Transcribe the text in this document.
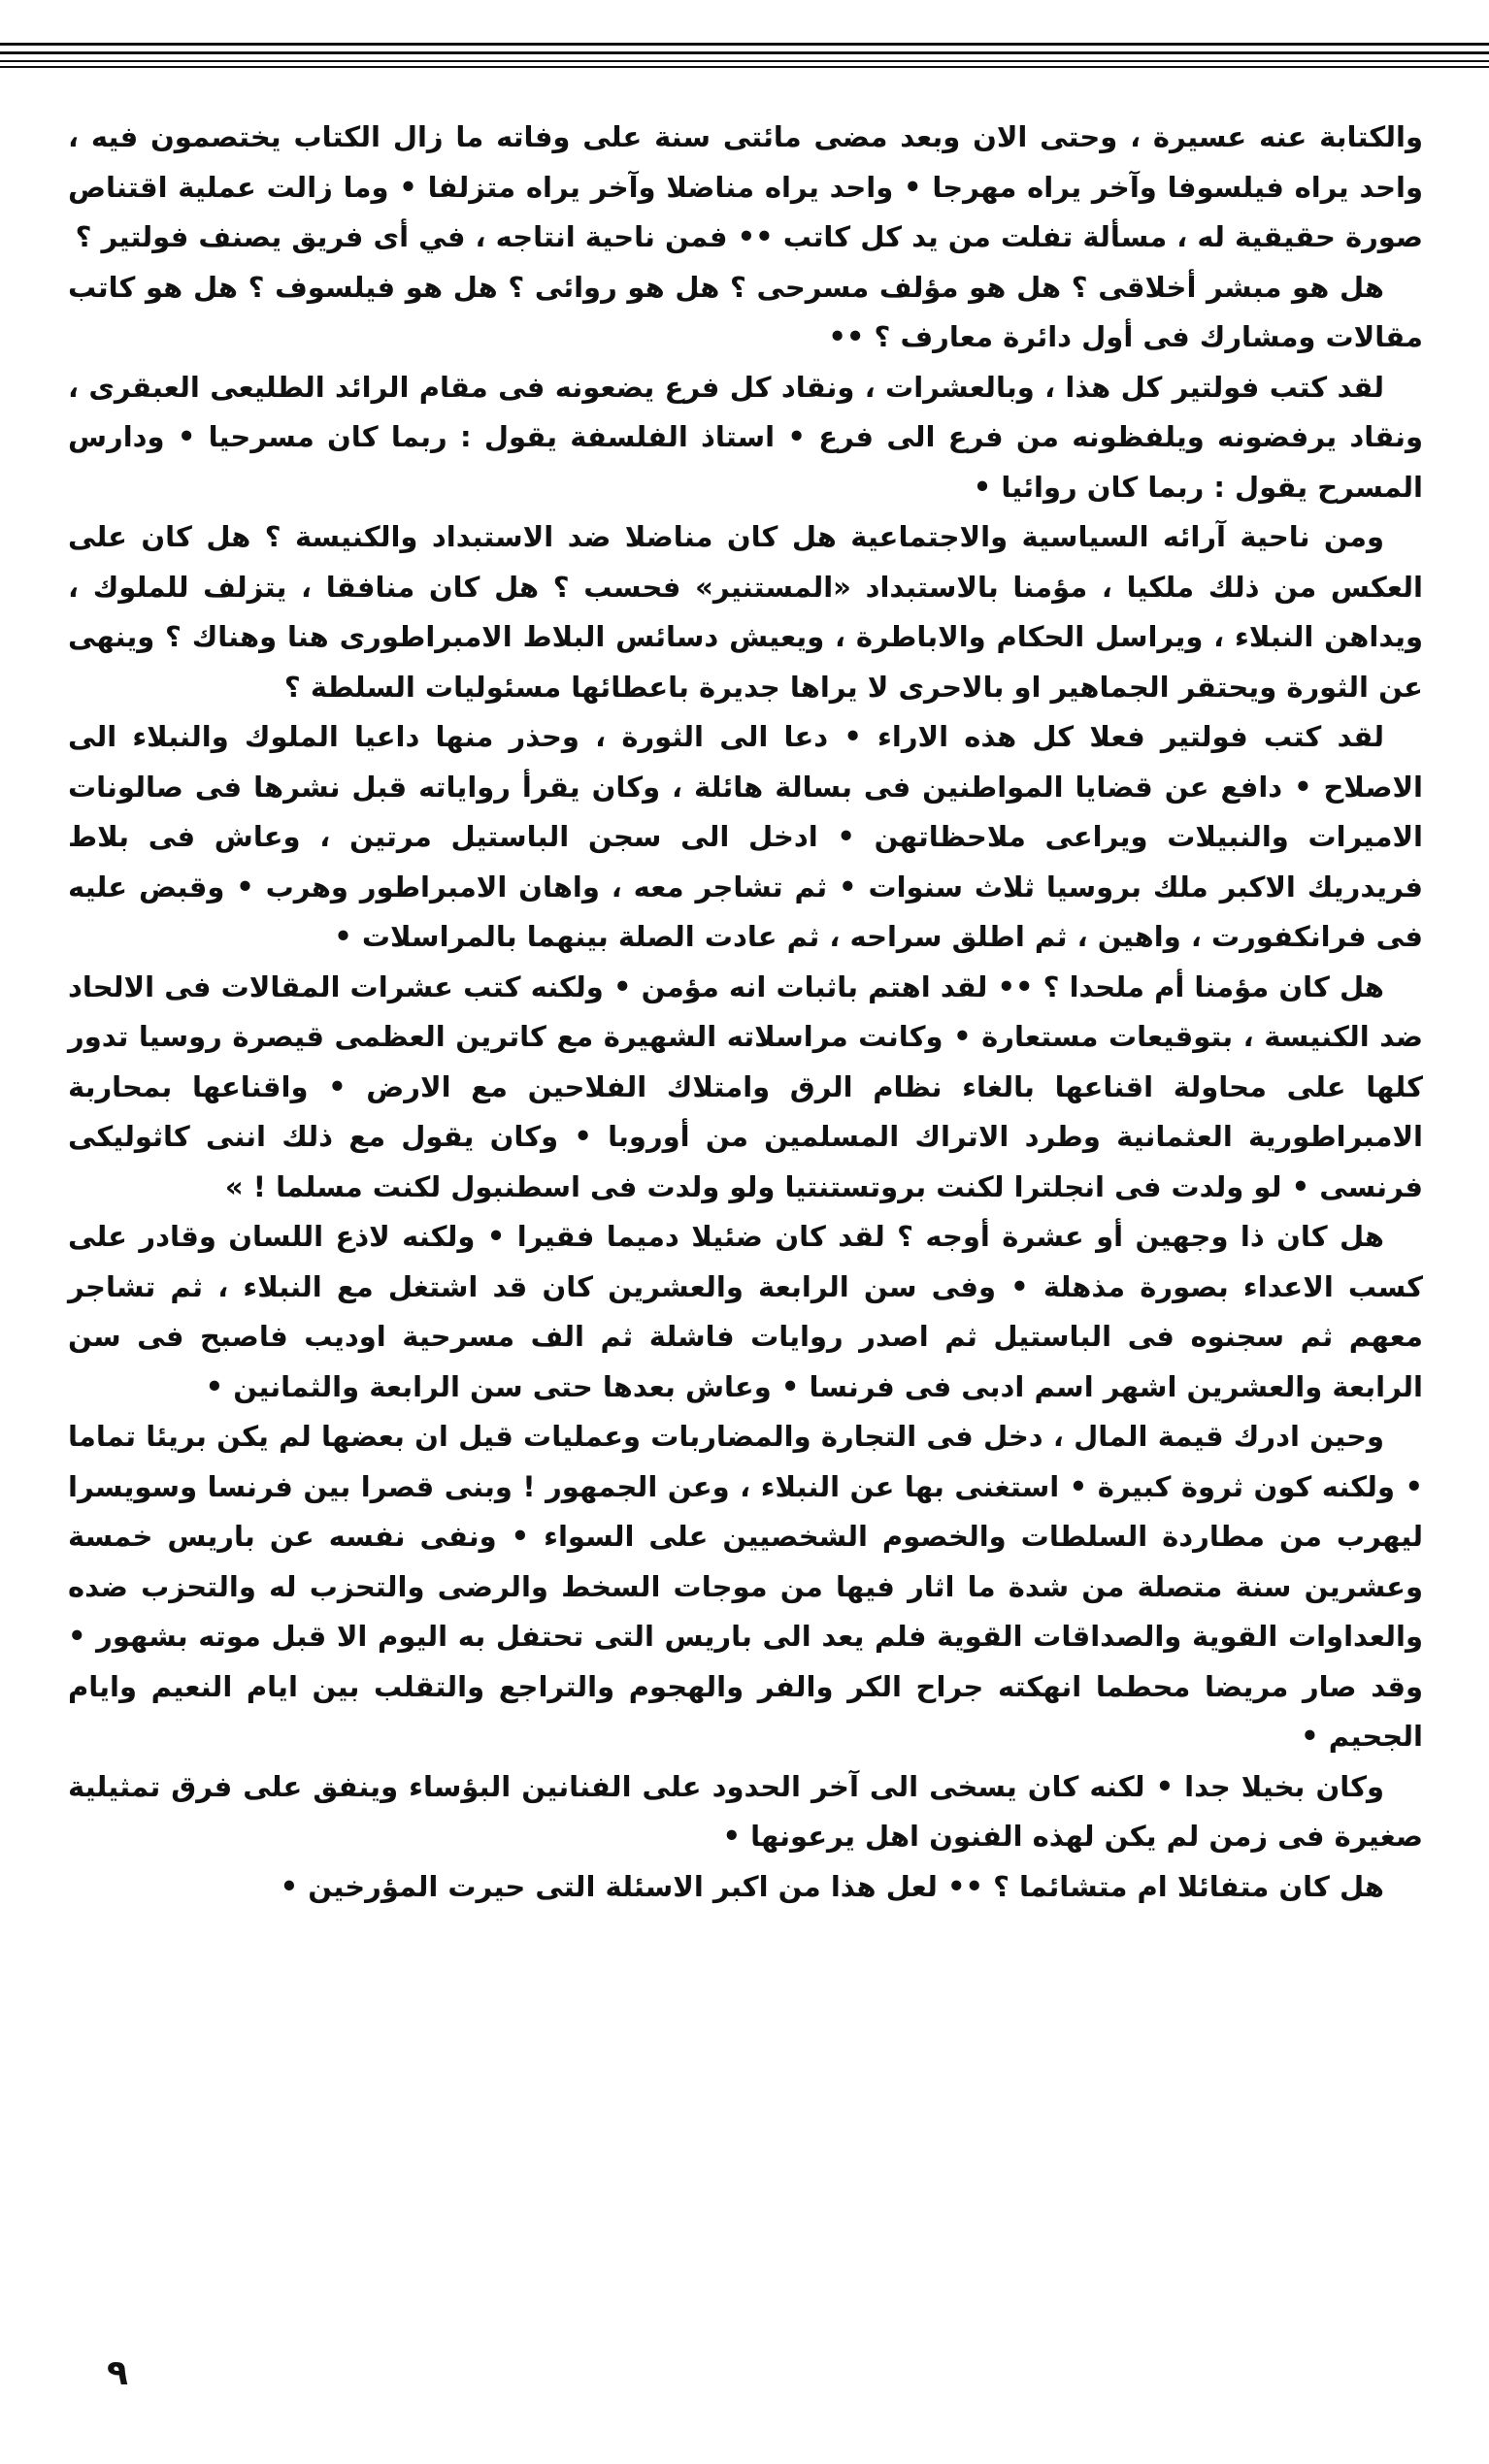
والكتابة عنه عسيرة ، وحتى الان وبعد مضى مائتى سنة على وفاته ما زال الكتاب يختصمون فيه ، واحد يراه فيلسوفا وآخر يراه مهرجا • واحد يراه مناضلا وآخر يراه متزلفا • وما زالت عملية اقتناص صورة حقيقية له ، مسألة تفلت من يد كل كاتب •• فمن ناحية انتاجه ، في أى فريق يصنف فولتير ؟

هل هو مبشر أخلاقى ؟ هل هو مؤلف مسرحى ؟ هل هو روائى ؟ هل هو فيلسوف ؟ هل هو كاتب مقالات ومشارك فى أول دائرة معارف ؟ ••

لقد كتب فولتير كل هذا ، وبالعشرات ، ونقاد كل فرع يضعونه فى مقام الرائد الطليعى العبقرى ، ونقاد يرفضونه ويلفظونه من فرع الى فرع • استاذ الفلسفة يقول : ربما كان مسرحيا • ودارس المسرح يقول : ربما كان روائيا •

ومن ناحية آرائه السياسية والاجتماعية هل كان مناضلا ضد الاستبداد والكنيسة ؟ هل كان على العكس من ذلك ملكيا ، مؤمنا بالاستبداد «المستنير» فحسب ؟ هل كان منافقا ، يتزلف للملوك ، ويداهن النبلاء ، ويراسل الحكام والاباطرة ، ويعيش دسائس البلاط الامبراطورى هنا وهناك ؟ وينهى عن الثورة ويحتقر الجماهير او بالاحرى لا يراها جديرة باعطائها مسئوليات السلطة ؟

لقد كتب فولتير فعلا كل هذه الاراء • دعا الى الثورة ، وحذر منها داعيا الملوك والنبلاء الى الاصلاح • دافع عن قضايا المواطنين فى بسالة هائلة ، وكان يقرأ رواياته قبل نشرها فى صالونات الاميرات والنبيلات ويراعى ملاحظاتهن • ادخل الى سجن الباستيل مرتين ، وعاش فى بلاط فريدريك الاكبر ملك بروسيا ثلاث سنوات • ثم تشاجر معه ، واهان الامبراطور وهرب • وقبض عليه فى فرانكفورت ، واهين ، ثم اطلق سراحه ، ثم عادت الصلة بينهما بالمراسلات •

هل كان مؤمنا أم ملحدا ؟ •• لقد اهتم باثبات انه مؤمن • ولكنه كتب عشرات المقالات فى الالحاد ضد الكنيسة ، بتوقيعات مستعارة • وكانت مراسلاته الشهيرة مع كاترين العظمى قيصرة روسيا تدور كلها على محاولة اقناعها بالغاء نظام الرق وامتلاك الفلاحين مع الارض • واقناعها بمحاربة الامبراطورية العثمانية وطرد الاتراك المسلمين من أوروبا • وكان يقول مع ذلك اننى كاثوليكى فرنسى • لو ولدت فى انجلترا لكنت بروتستنتيا ولو ولدت فى اسطنبول لكنت مسلما ! »

هل كان ذا وجهين أو عشرة أوجه ؟ لقد كان ضئيلا دميما فقيرا • ولكنه لاذع اللسان وقادر على كسب الاعداء بصورة مذهلة • وفى سن الرابعة والعشرين كان قد اشتغل مع النبلاء ، ثم تشاجر معهم ثم سجنوه فى الباستيل ثم اصدر روايات فاشلة ثم الف مسرحية اوديب فاصبح فى سن الرابعة والعشرين اشهر اسم ادبى فى فرنسا • وعاش بعدها حتى سن الرابعة والثمانين •

وحين ادرك قيمة المال ، دخل فى التجارة والمضاربات وعمليات قيل ان بعضها لم يكن بريئا تماما • ولكنه كون ثروة كبيرة • استغنى بها عن النبلاء ، وعن الجمهور ! وبنى قصرا بين فرنسا وسويسرا ليهرب من مطاردة السلطات والخصوم الشخصيين على السواء • ونفى نفسه عن باريس خمسة وعشرين سنة متصلة من شدة ما اثار فيها من موجات السخط والرضى والتحزب له والتحزب ضده والعداوات القوية والصداقات القوية فلم يعد الى باريس التى تحتفل به اليوم الا قبل موته بشهور • وقد صار مريضا محطما انهكته جراح الكر والفر والهجوم والتراجع والتقلب بين ايام النعيم وايام الجحيم •

وكان بخيلا جدا • لكنه كان يسخى الى آخر الحدود على الفنانين البؤساء وينفق على فرق تمثيلية صغيرة فى زمن لم يكن لهذه الفنون اهل يرعونها •

هل كان متفائلا ام متشائما ؟ •• لعل هذا من اكبر الاسئلة التى حيرت المؤرخين •

٩
